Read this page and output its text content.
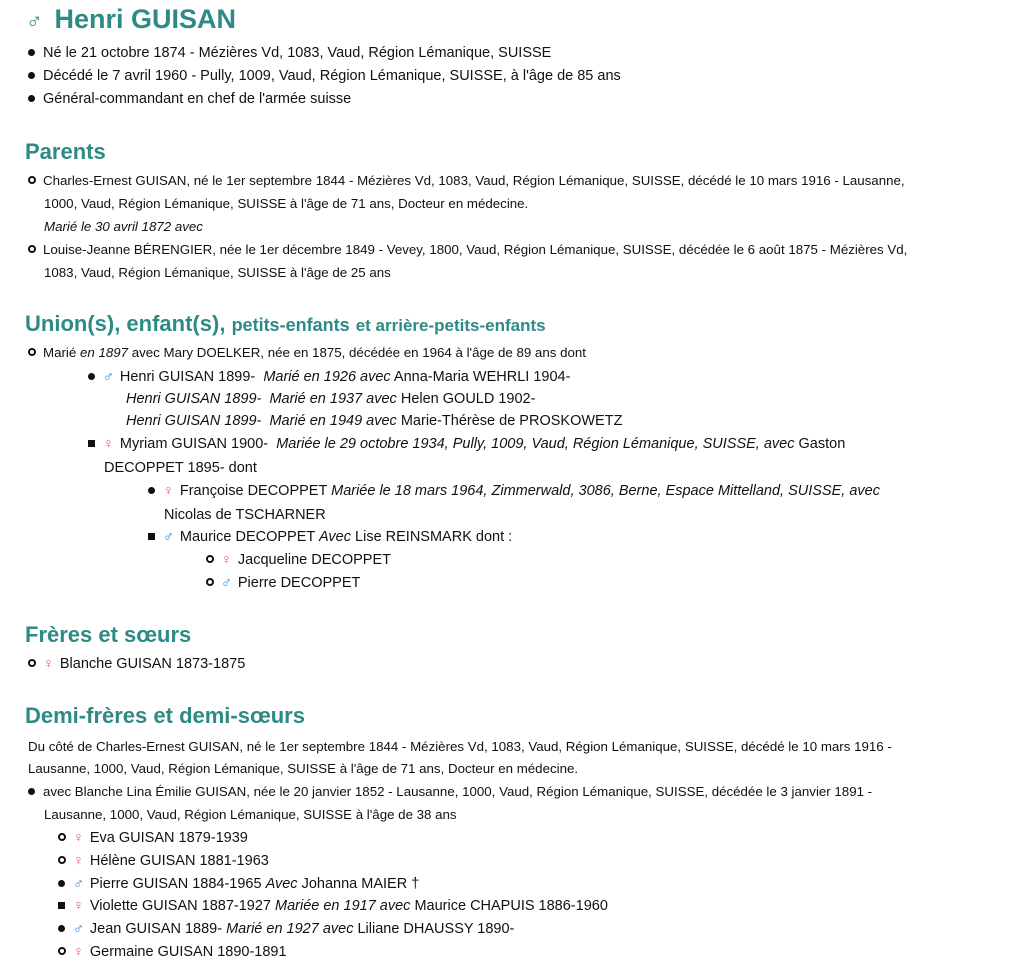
♂ Henri GUISAN
Né le 21 octobre 1874 - Mézières Vd, 1083, Vaud, Région Lémanique, SUISSE
Décédé le 7 avril 1960 - Pully, 1009, Vaud, Région Lémanique, SUISSE, à l'âge de 85 ans
Général-commandant en chef de l'armée suisse
Parents
Charles-Ernest GUISAN, né le 1er septembre 1844 - Mézières Vd, 1083, Vaud, Région Lémanique, SUISSE, décédé le 10 mars 1916 - Lausanne,
1000, Vaud, Région Lémanique, SUISSE à l'âge de 71 ans, Docteur en médecine.
Marié le 30 avril 1872 avec
Louise-Jeanne BÉRENGIER, née le 1er décembre 1849 - Vevey, 1800, Vaud, Région Lémanique, SUISSE, décédée le 6 août 1875 - Mézières Vd,
1083, Vaud, Région Lémanique, SUISSE à l'âge de 25 ans
Union(s), enfant(s), petits-enfants et arrière-petits-enfants
Marié en 1897 avec Mary DOELKER, née en 1875, décédée en 1964 à l'âge de 89 ans dont
♂ Henri GUISAN 1899- Marié en 1926 avec Anna-Maria WEHRLI 1904-
Henri GUISAN 1899- Marié en 1937 avec Helen GOULD 1902-
Henri GUISAN 1899- Marié en 1949 avec Marie-Thérèse de PROSKOWETZ
♀ Myriam GUISAN 1900- Mariée le 29 octobre 1934, Pully, 1009, Vaud, Région Lémanique, SUISSE, avec Gaston
DECOPPET 1895- dont
♀ Françoise DECOPPET Mariée le 18 mars 1964, Zimmerwald, 3086, Berne, Espace Mittelland, SUISSE, avec
Nicolas de TSCHARNER
♂ Maurice DECOPPET Avec Lise REINSMARK dont :
♀ Jacqueline DECOPPET
♂ Pierre DECOPPET
Frères et sœurs
♀ Blanche GUISAN 1873-1875
Demi-frères et demi-sœurs
Du côté de Charles-Ernest GUISAN, né le 1er septembre 1844 - Mézières Vd, 1083, Vaud, Région Lémanique, SUISSE, décédé le 10 mars 1916 -
Lausanne, 1000, Vaud, Région Lémanique, SUISSE à l'âge de 71 ans, Docteur en médecine.
avec Blanche Lina Émilie GUISAN, née le 20 janvier 1852 - Lausanne, 1000, Vaud, Région Lémanique, SUISSE, décédée le 3 janvier 1891 -
Lausanne, 1000, Vaud, Région Lémanique, SUISSE à l'âge de 38 ans
♀ Eva GUISAN 1879-1939
♀ Hélène GUISAN 1881-1963
♂ Pierre GUISAN 1884-1965 Avec Johanna MAIER †
♀ Violette GUISAN 1887-1927 Mariée en 1917 avec Maurice CHAPUIS 1886-1960
♂ Jean GUISAN 1889- Marié en 1927 avec Liliane DHAUSSY 1890-
♀ Germaine GUISAN 1890-1891
